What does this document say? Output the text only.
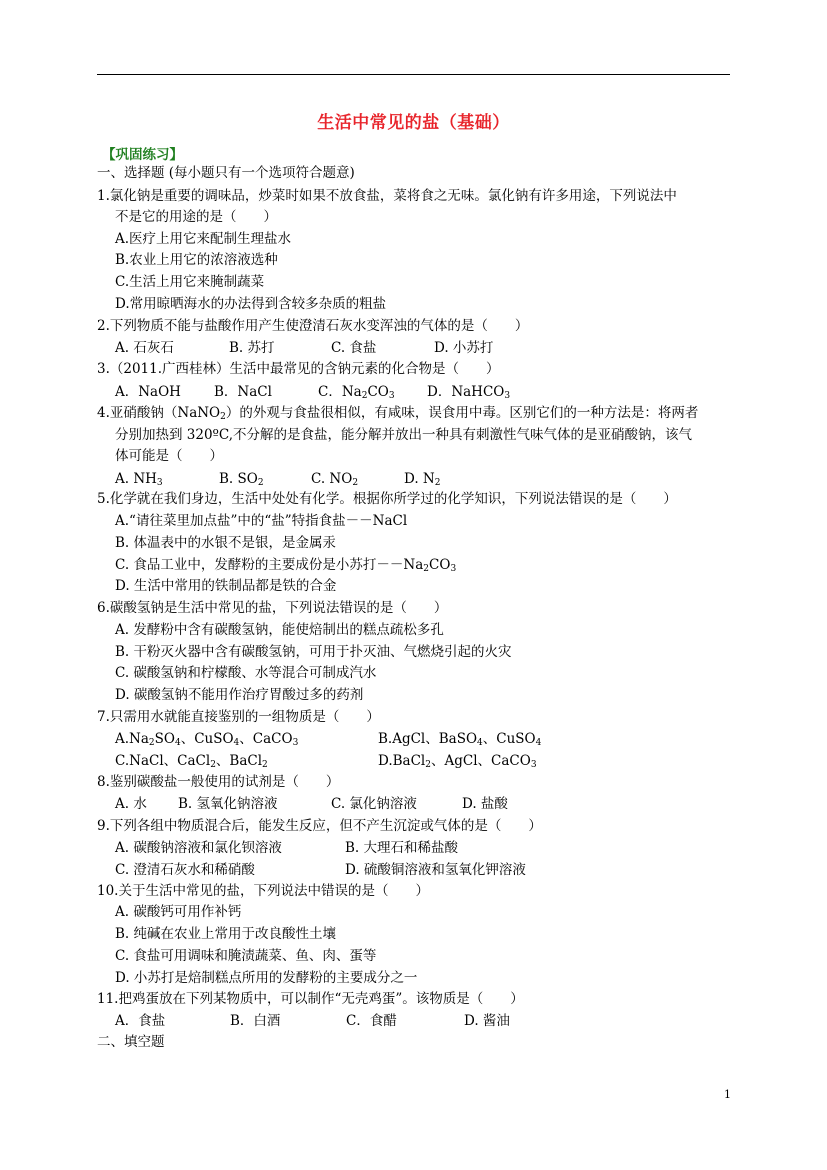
生活中常见的盐（基础）
【巩固练习】
一、选择题 (每小题只有一个选项符合题意)
1.氯化钠是重要的调味品，炒菜时如果不放食盐，菜将食之无味。氯化钠有许多用途，下列说法中
不是它的用途的是（　　）
A.医疗上用它来配制生理盐水
B.农业上用它的浓溶液选种
C.生活上用它来腌制蔬菜
D.常用晾晒海水的办法得到含较多杂质的粗盐
2.下列物质不能与盐酸作用产生使澄清石灰水变浑浊的气体的是（　　）
A. 石灰石	B. 苏打	C. 食盐	D. 小苏打
3.（2011.广西桂林）生活中最常见的含钠元素的化合物是（　　）
A．NaOH B．NaCl	C．$Na_2CO_3$ D．NaHCO$_3$
4.亚硝酸钠（NaNO$_2$）的外观与食盐很相似，有咸味，误食用中毒。区别它们的一种方法是：将两者
分别加热到 320ºC,不分解的是食盐，能分解并放出一种具有刺激性气味气体的是亚硝酸钠，该气
体可能是（　　）
A. $NH_3$	B. $SO_2$	C. $NO_2$	D. $N_2$
5.化学就在我们身边，生活中处处有化学。根据你所学过的化学知识，下列说法错误的是（　　）
A.“请往菜里加点盐”中的“盐”特指食盐－－NaCl
B. 体温表中的水银不是银，是金属汞
C. 食品工业中，发酵粉的主要成份是小苏打$--Na_2CO_3$
D. 生活中常用的铁制品都是铁的合金
6.碳酸氢钠是生活中常见的盐，下列说法错误的是（　　）
A. 发酵粉中含有碳酸氢钠，能使焙制出的糕点疏松多孔
B. 干粉灭火器中含有碳酸氢钠，可用于扑灭油、气燃烧引起的火灾
C. 碳酸氢钠和柠檬酸、水等混合可制成汽水
D. 碳酸氢钠不能用作治疗胃酸过多的药剂
7.只需用水就能直接鉴别的一组物质是（　　）
$A.Na_2SO_4$、CuSO$_4$、CaCO$_3$	B.AgCl、BaSO$_4$、CuSO$_4$
C.NaCl、CaCl$_2$、BaCl$_2$	D.BaCl$_2$、AgCl、CaCO$_3$
8.鉴别碳酸盐一般使用的试剂是（　　）
A. 水 B. 氢氧化钠溶液	C. 氯化钠溶液	D. 盐酸
9.下列各组中物质混合后，能发生反应，但不产生沉淀或气体的是（　　）
A. 碳酸钠溶液和氯化钡溶液	B. 大理石和稀盐酸
C. 澄清石灰水和稀硝酸	D. 硫酸铜溶液和氢氧化钾溶液
10.关于生活中常见的盐，下列说法中错误的是（　　）
A. 碳酸钙可用作补钙
B. 纯碱在农业上常用于改良酸性土壤
C. 食盐可用调味和腌渍蔬菜、鱼、肉、蛋等
D. 小苏打是焙制糕点所用的发酵粉的主要成分之一
11.把鸡蛋放在下列某物质中，可以制作“无壳鸡蛋”。该物质是（　　）
A．食盐	B．白酒	C．食醋	D. 酱油
二、填空题
1
